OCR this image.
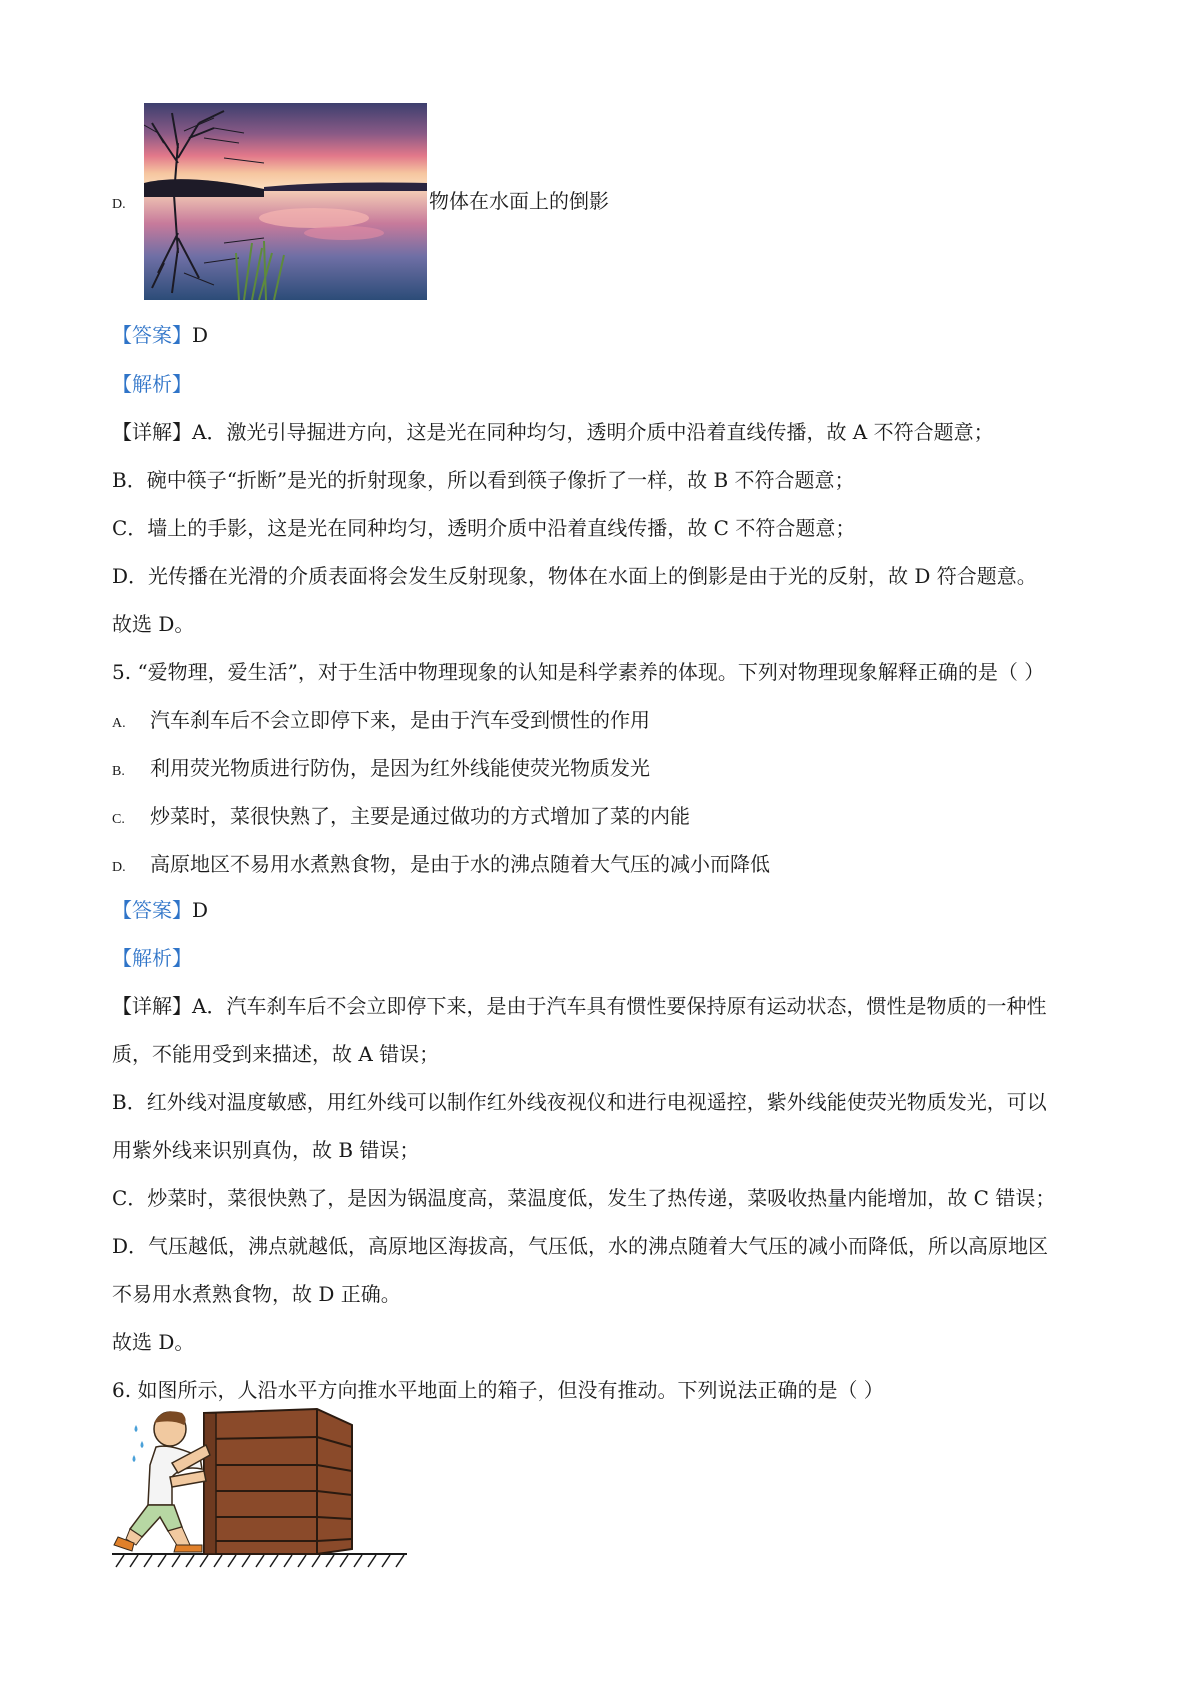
D.	物体在水面上的倒影
【答案】D
【解析】
【详解】A．激光引导掘进方向，这是光在同种均匀，透明介质中沿着直线传播，故 A 不符合题意；
B．碗中筷子“折断”是光的折射现象，所以看到筷子像折了一样，故 B 不符合题意；
C．墙上的手影，这是光在同种均匀，透明介质中沿着直线传播，故 C 不符合题意；
D．光传播在光滑的介质表面将会发生反射现象，物体在水面上的倒影是由于光的反射，故 D 符合题意。
故选 D。
5. “爱物理，爱生活”，对于生活中物理现象的认知是科学素养的体现。下列对物理现象解释正确的是（ ）
A. 汽车刹车后不会立即停下来，是由于汽车受到惯性的作用
B. 利用荧光物质进行防伪，是因为红外线能使荧光物质发光
C. 炒菜时，菜很快熟了，主要是通过做功的方式增加了菜的内能
D. 高原地区不易用水煮熟食物，是由于水的沸点随着大气压的减小而降低
【答案】D
【解析】
【详解】A．汽车刹车后不会立即停下来，是由于汽车具有惯性要保持原有运动状态，惯性是物质的一种性
质，不能用受到来描述，故 A 错误；
B．红外线对温度敏感，用红外线可以制作红外线夜视仪和进行电视遥控，紫外线能使荧光物质发光，可以
用紫外线来识别真伪，故 B 错误；
C．炒菜时，菜很快熟了，是因为锅温度高，菜温度低，发生了热传递，菜吸收热量内能增加，故 C 错误；
D．气压越低，沸点就越低，高原地区海拔高，气压低，水的沸点随着大气压的减小而降低，所以高原地区
不易用水煮熟食物，故 D 正确。
故选 D。
6. 如图所示，人沿水平方向推水平地面上的箱子，但没有推动。下列说法正确的是（ ）
